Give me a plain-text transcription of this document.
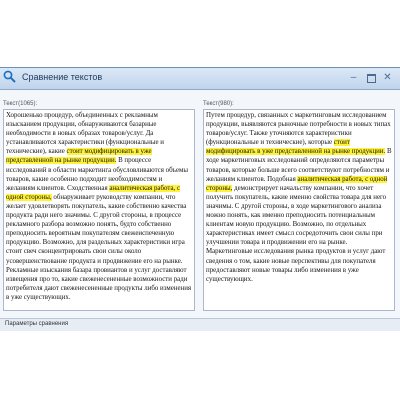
Сравнение текстов	–	✕
Текст(1065):

Хорошенько процедур, объединенных с рекламным изысканием продукции, обнаруживаются базарные необходимости в новых образах товаров/услуг. Да устанавливаются характеристики (функциональные и технические), какие стоит модифицировать в уже представленной на рынке продукции. В процессе исследований в области маркетинга обусловливаются объемы товаров, какие особенно подходит необходимостям и желаниям клиентов. Сходственная аналитическая работа, с одной стороны, обнаруживает руководству компании, что желает удовлетворять покупатель, какие собственно качества продукта ради него значимы. С другой стороны, в процессе рекламного разбора возможно понять, будто собственно преподносить вероятным покупателям свежеиспеченную продукцию. Возможно, для раздельных характеристики игра стоит свеч сконцентрировать свои силы около усовершенствование продукта и продвижение его на рынке. Рекламные изыскания базара провиантов и услуг доставляют извещения про то, какие свеженесененные возможности ради потребителя дают свеженесененные продукты либо изменения в уже существующих.

Текст(980):

Путем процедур, связанных с маркетинговым исследованием продукции, выявляются рыночные потребности в новых типах товаров/услуг. Также уточняются характеристики (функциональные и технические), которые стоит модифицировать в уже представленной на рынке продукции. В ходе маркетинговых исследований определяются параметры товаров, которые больше всего соответствуют потребностям и желаниям клиентов. Подобная аналитическая работа, с одной стороны, демонстрирует начальству компании, что хочет получить покупатель, какие именно свойства товара для него значимы. С другой стороны, в ходе маркетингового анализа можно понять, как именно преподносить потенциальным клиентам новую продукцию. Возможно, по отдельных характеристиках имеет смысл сосредоточить свои силы при улучшении товара и продвижении его на рынке. Маркетинговые исследования рынка продуктов и услуг дают сведения о том, какие новые перспективы для покупателя предоставляют новые товары либо изменения в уже существующих.

Параметры сравнения
